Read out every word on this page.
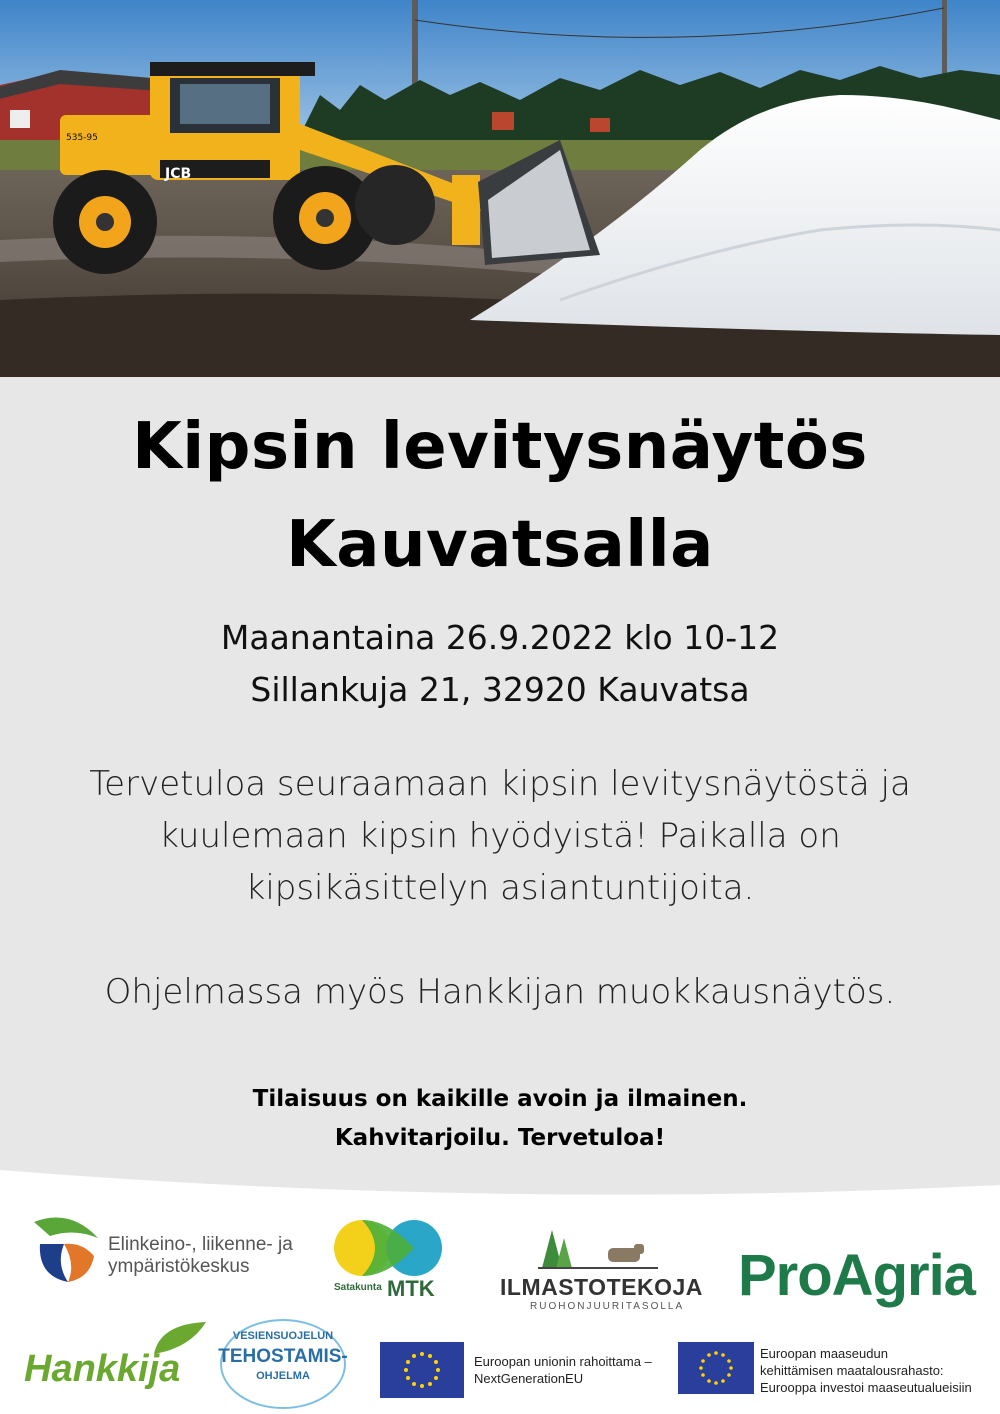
JCB
535-95
Kipsin levitysnäytös
Kauvatsalla
Maanantaina 26.9.2022 klo 10-12
Sillankuja 21, 32920 Kauvatsa
Tervetuloa seuraamaan kipsin levitysnäytöstä ja kuulemaan kipsin hyödyistä! Paikalla on kipsikäsittelyn asiantuntijoita.
Ohjelmassa myös Hankkijan muokkausnäytös.
Tilaisuus on kaikille avoin ja ilmainen.
Kahvitarjoilu. Tervetuloa!
Elinkeino-, liikenne- ja
ympäristökeskus
Satakunta MTK	ILMASTOTEKOJA
RUOHONJUURITASOLLA ProAgria
Hankkija
VESIENSUOJELUN
TEHOSTAMIS-
OHJELMA
Euroopan unionin rahoittama –
NextGenerationEU
Euroopan maaseudun
kehittämisen maatalousrahasto:
Eurooppa investoi maaseutualueisiin
